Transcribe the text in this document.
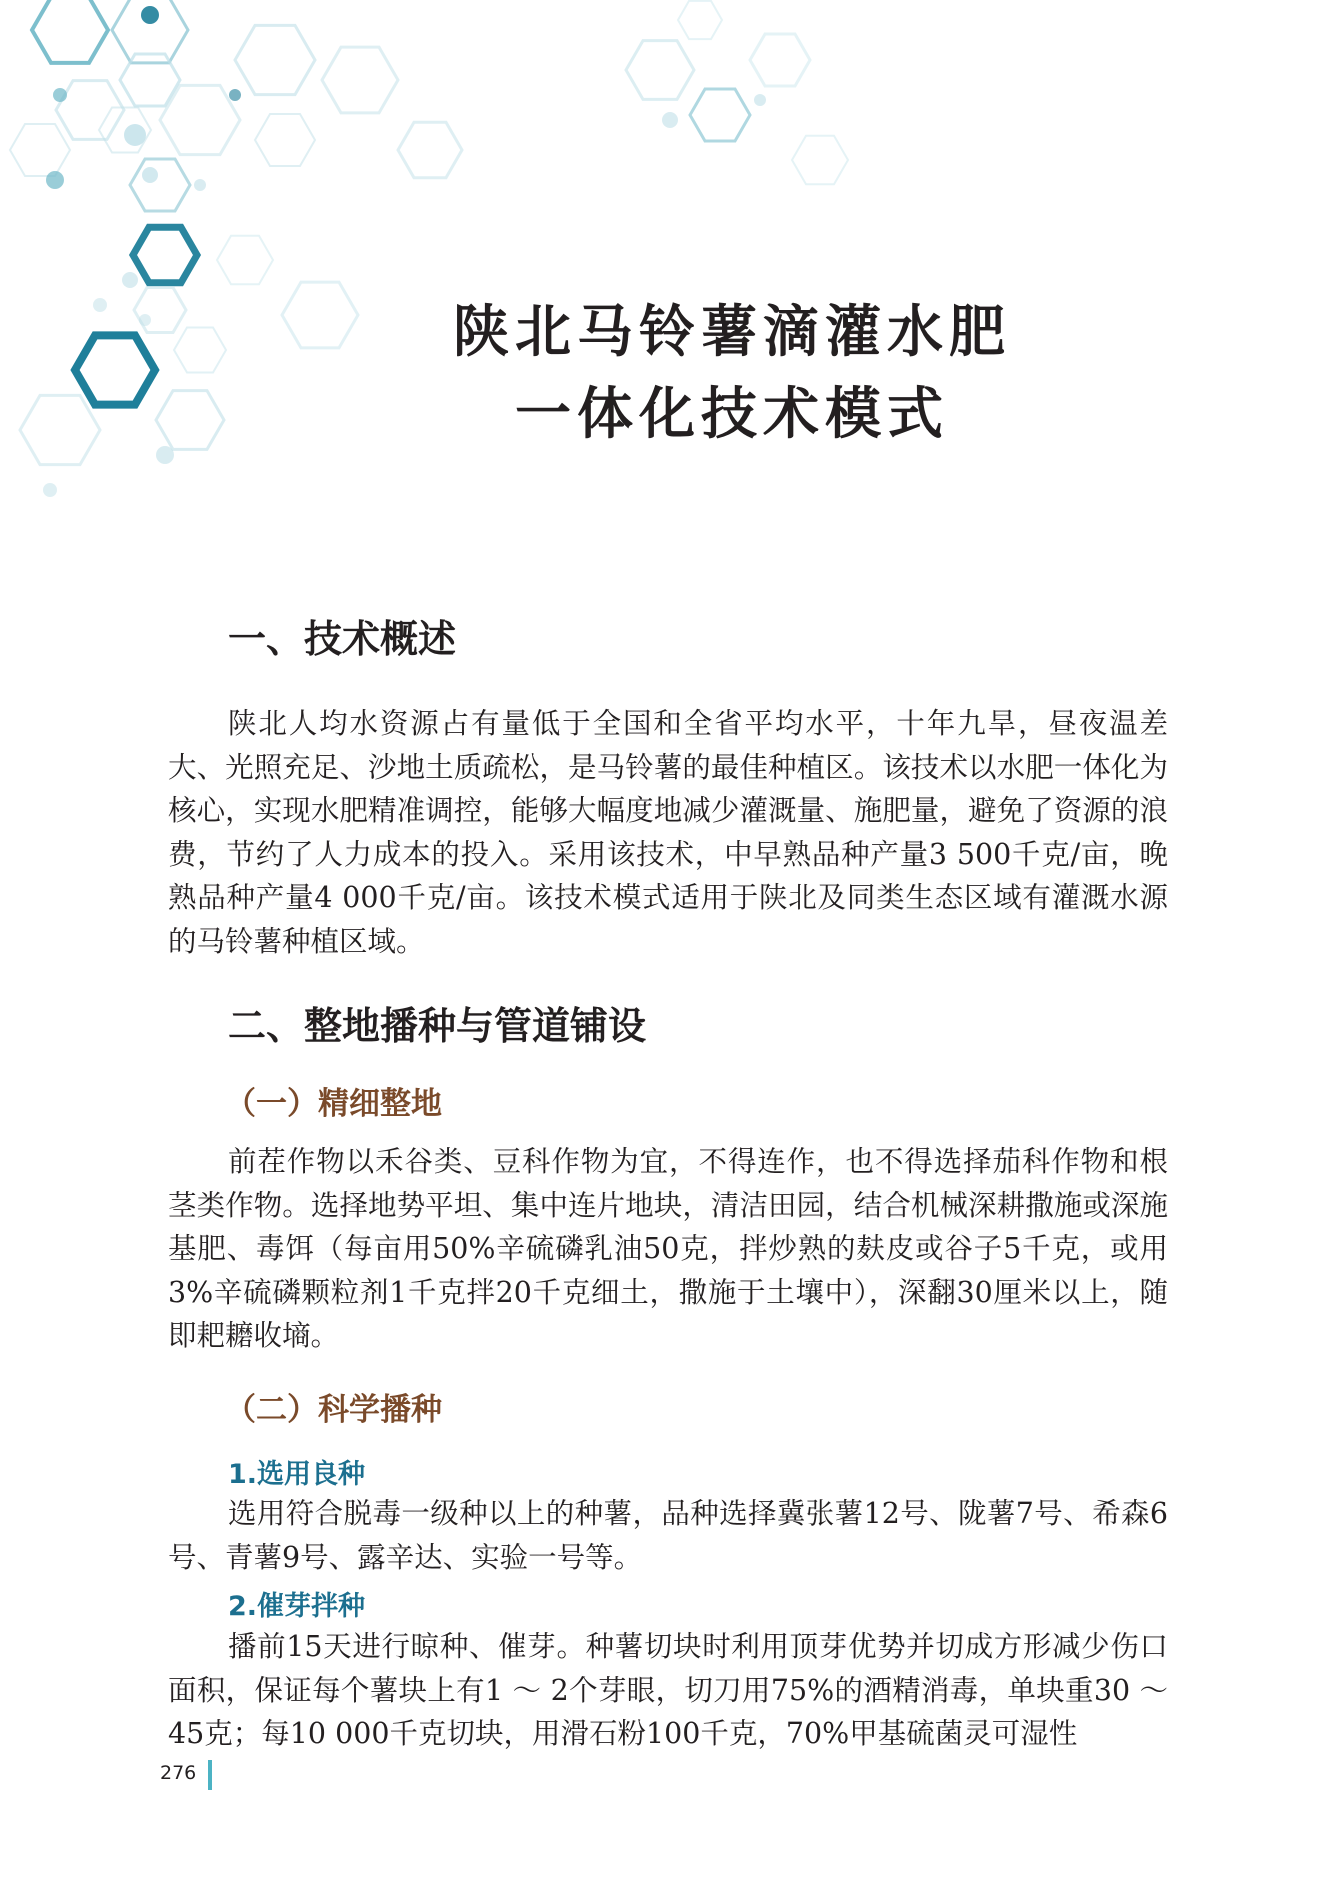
陕北马铃薯滴灌水肥
一体化技术模式
一、技术概述

陕北人均水资源占有量低于全国和全省平均水平，十年九旱，昼夜温差大、光照充足、沙地土质疏松，是马铃薯的最佳种植区。该技术以水肥一体化为核心，实现水肥精准调控，能够大幅度地减少灌溉量、施肥量，避免了资源的浪费，节约了人力成本的投入。采用该技术，中早熟品种产量3 500千克/亩，晚熟品种产量4 000千克/亩。该技术模式适用于陕北及同类生态区域有灌溉水源的马铃薯种植区域。

二、整地播种与管道铺设
（一）精细整地

前茬作物以禾谷类、豆科作物为宜，不得连作，也不得选择茄科作物和根茎类作物。选择地势平坦、集中连片地块，清洁田园，结合机械深耕撒施或深施基肥、毒饵（每亩用50%辛硫磷乳油50克，拌炒熟的麸皮或谷子5千克，或用3%辛硫磷颗粒剂1千克拌20千克细土，撒施于土壤中），深翻30厘米以上，随即耙耱收墒。

（二）科学播种
1.选用良种

选用符合脱毒一级种以上的种薯，品种选择冀张薯12号、陇薯7号、希森6号、青薯9号、露辛达、实验一号等。

2.催芽拌种

播前15天进行晾种、催芽。种薯切块时利用顶芽优势并切成方形减少伤口面积，保证每个薯块上有1 ～ 2个芽眼，切刀用75%的酒精消毒，单块重30 ～ 45克；每10 000千克切块，用滑石粉100千克，70%甲基硫菌灵可湿性

276
